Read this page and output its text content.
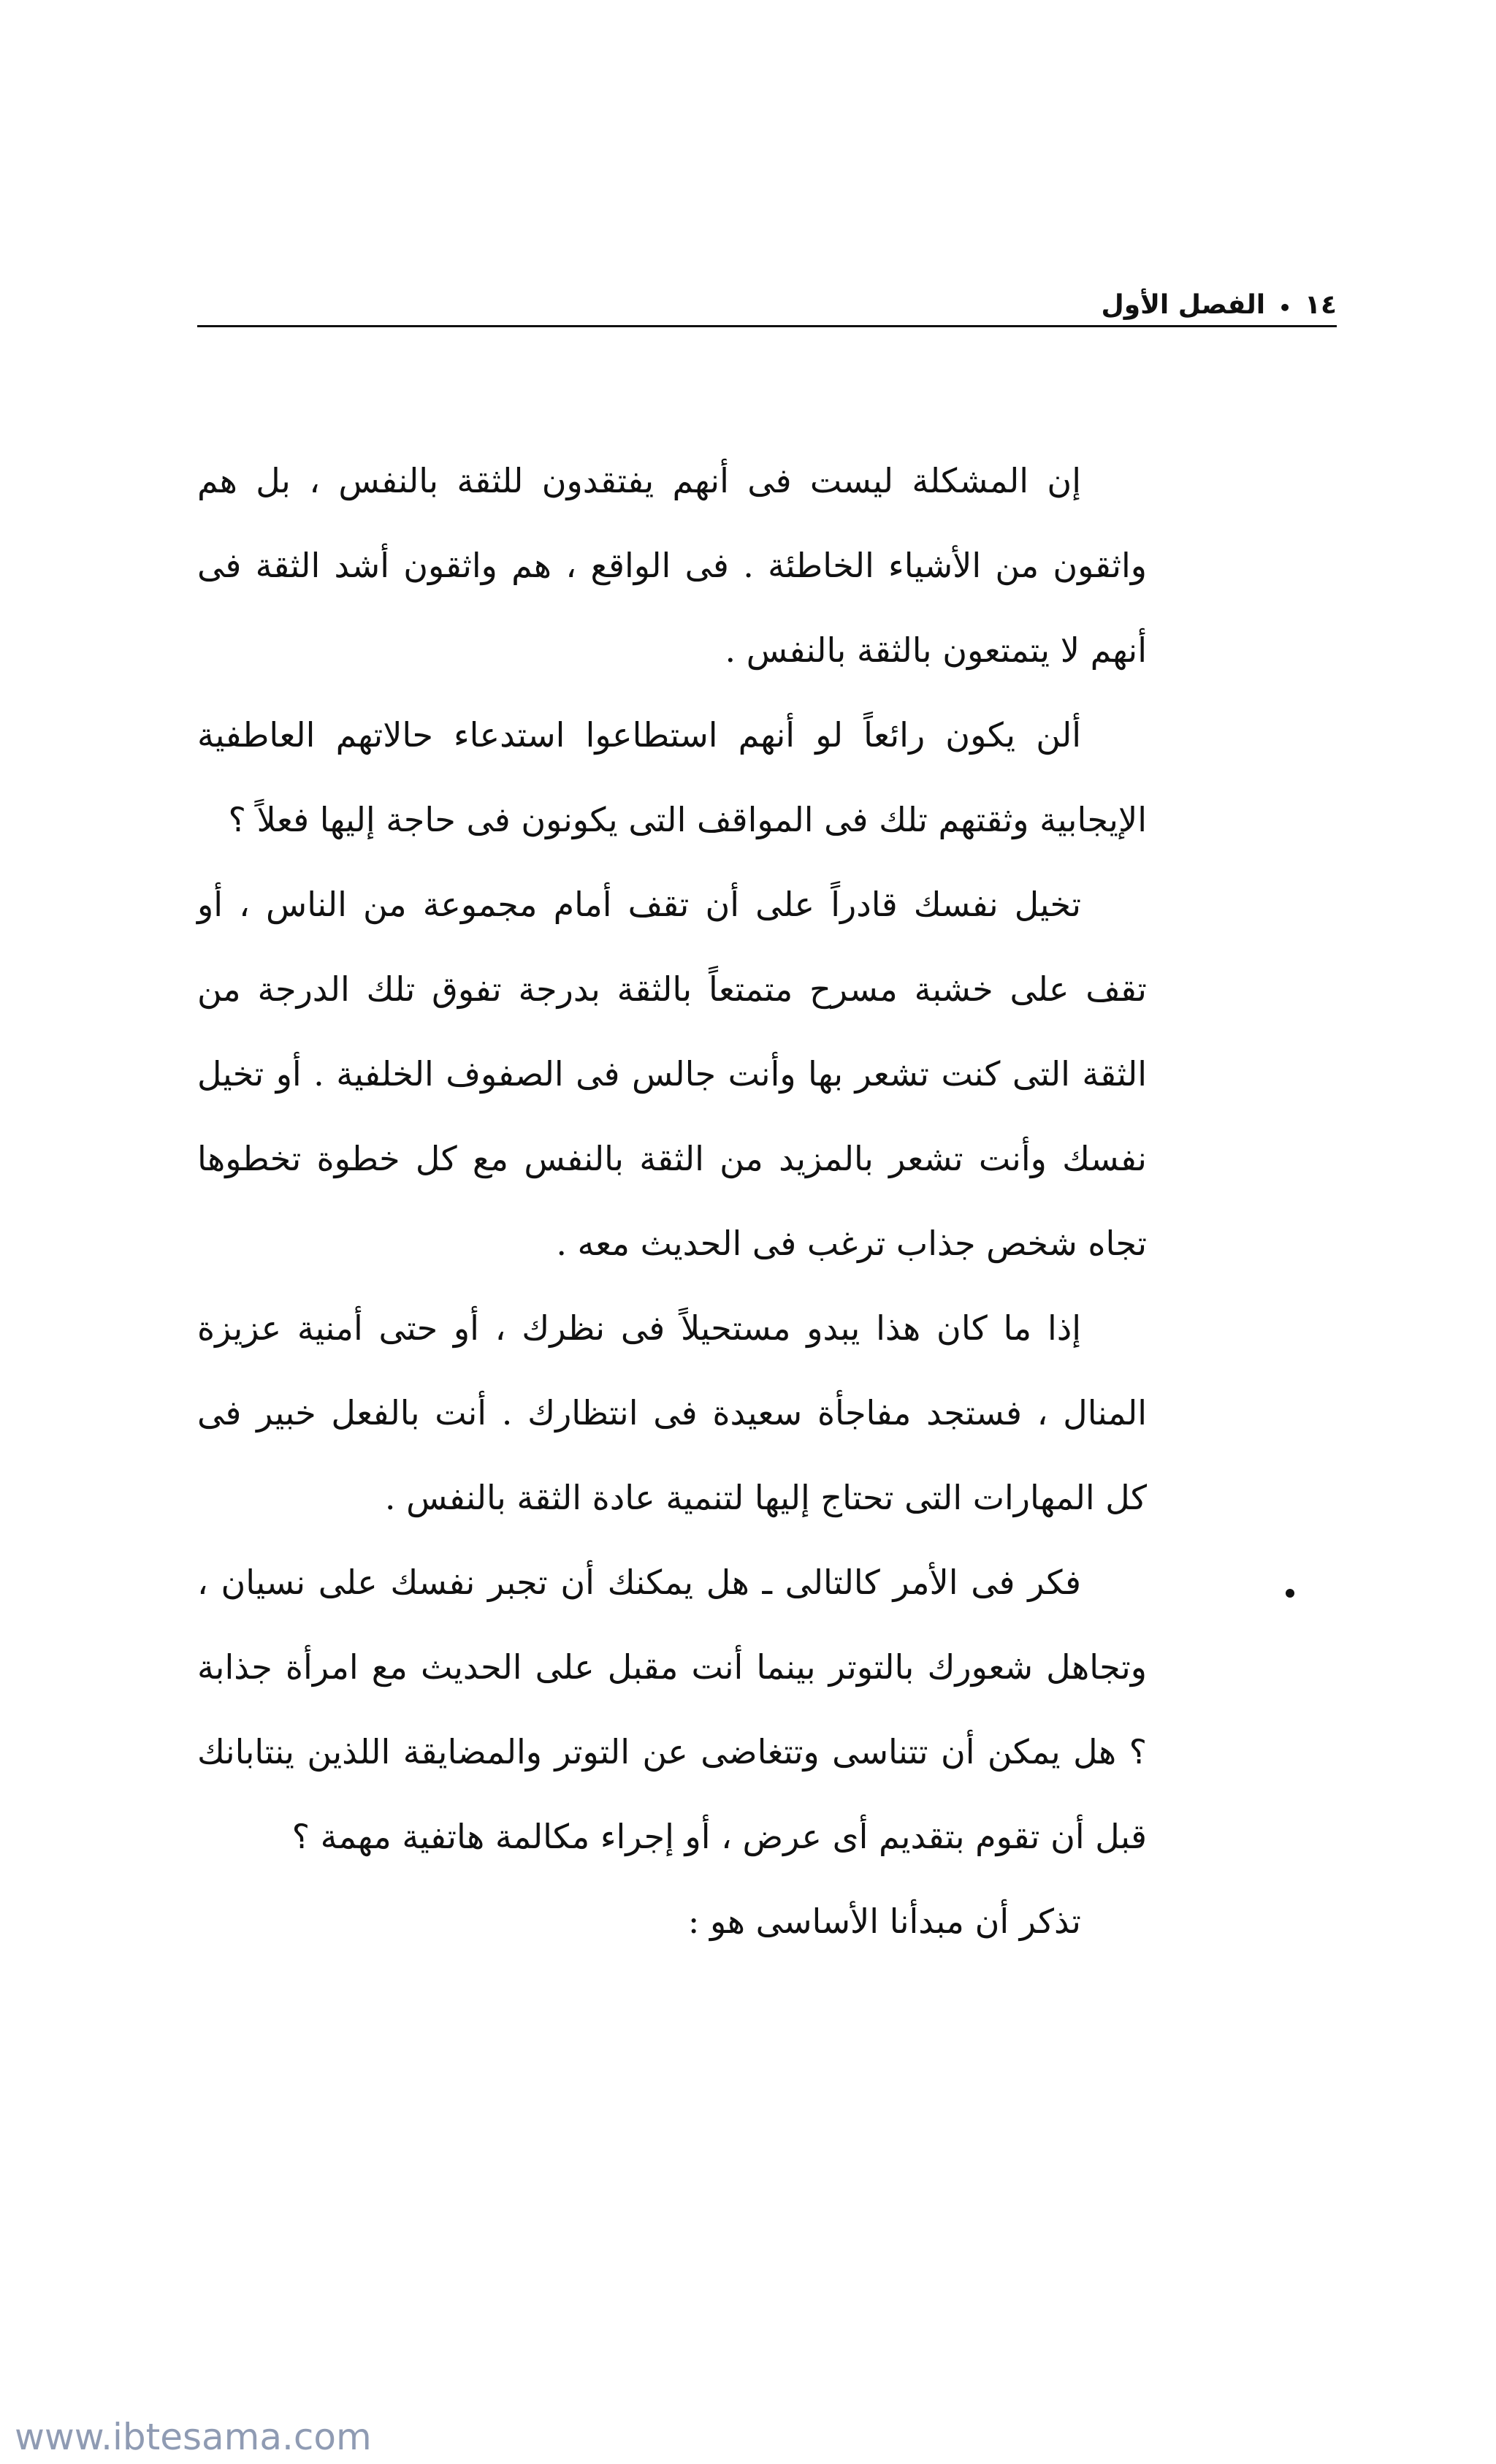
١٤
•
الفصل الأول

إن المشكلة ليست فى أنهم يفتقدون للثقة بالنفس ، بل هم واثقون من الأشياء الخاطئة . فى الواقع ، هم واثقون أشد الثقة فى أنهم لا يتمتعون بالثقة بالنفس .

ألن يكون رائعاً لو أنهم استطاعوا استدعاء حالاتهم العاطفية الإيجابية وثقتهم تلك فى المواقف التى يكونون فى حاجة إليها فعلاً ؟

تخيل نفسك قادراً على أن تقف أمام مجموعة من الناس ، أو تقف على خشبة مسرح متمتعاً بالثقة بدرجة تفوق تلك الدرجة من الثقة التى كنت تشعر بها وأنت جالس فى الصفوف الخلفية . أو تخيل نفسك وأنت تشعر بالمزيد من الثقة بالنفس مع كل خطوة تخطوها تجاه شخص جذاب ترغب فى الحديث معه .

إذا ما كان هذا يبدو مستحيلاً فى نظرك ، أو حتى أمنية عزيزة المنال ، فستجد مفاجأة سعيدة فى انتظارك . أنت بالفعل خبير فى كل المهارات التى تحتاج إليها لتنمية عادة الثقة بالنفس .

فكر فى الأمر كالتالى ـ هل يمكنك أن تجبر نفسك على نسيان ، وتجاهل شعورك بالتوتر بينما أنت مقبل على الحديث مع امرأة جذابة ؟ هل يمكن أن تتناسى وتتغاضى عن التوتر والمضايقة اللذين ينتابانك قبل أن تقوم بتقديم أى عرض ، أو إجراء مكالمة هاتفية مهمة ؟

تذكر أن مبدأنا الأساسى هو :

www.ibtesama.com
